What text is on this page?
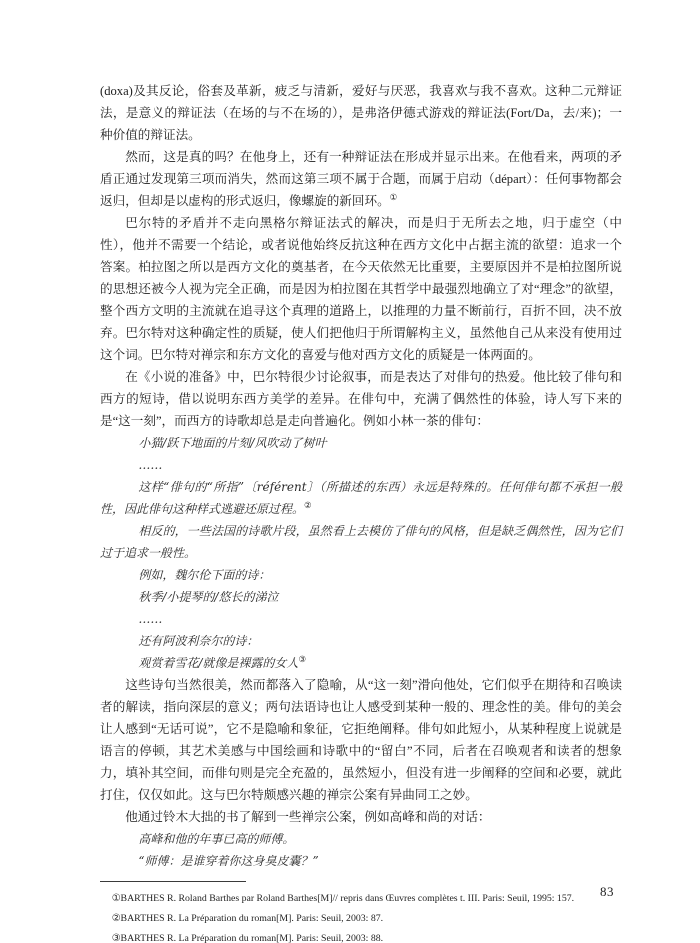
(doxa)及其反论，俗套及革新，疲乏与清新，爱好与厌恶，我喜欢与我不喜欢。这种二元辩证法，是意义的辩证法（在场的与不在场的），是弗洛伊德式游戏的辩证法(Fort/Da，去/来)；一种价值的辩证法。

然而，这是真的吗？在他身上，还有一种辩证法在形成并显示出来。在他看来，两项的矛盾正通过发现第三项而消失，然而这第三项不属于合题，而属于启动（départ）：任何事物都会返归，但却是以虚构的形式返归，像螺旋的新回环。①

巴尔特的矛盾并不走向黑格尔辩证法式的解决，而是归于无所去之地，归于虚空（中性），他并不需要一个结论，或者说他始终反抗这种在西方文化中占据主流的欲望：追求一个答案。柏拉图之所以是西方文化的奠基者，在今天依然无比重要，主要原因并不是柏拉图所说的思想还被今人视为完全正确，而是因为柏拉图在其哲学中最强烈地确立了对“理念”的欲望，整个西方文明的主流就在追寻这个真理的道路上，以推理的力量不断前行，百折不回，决不放弃。巴尔特对这种确定性的质疑，使人们把他归于所谓解构主义，虽然他自己从来没有使用过这个词。巴尔特对禅宗和东方文化的喜爱与他对西方文化的质疑是一体两面的。

在《小说的准备》中，巴尔特很少讨论叙事，而是表达了对俳句的热爱。他比较了俳句和西方的短诗，借以说明东西方美学的差异。在俳句中，充满了偶然性的体验，诗人写下来的是“这一刻”，而西方的诗歌却总是走向普遍化。例如小林一茶的俳句：

小猫/跃下地面的片刻/风吹动了树叶

……

这样“俳句的“所指”〔référent〕（所描述的东西）永远是特殊的。任何俳句都不承担一般性，因此俳句这种样式逃避还原过程。②

相反的，一些法国的诗歌片段，虽然看上去模仿了俳句的风格，但是缺乏偶然性，因为它们过于追求一般性。

例如，魏尔伦下面的诗：

秋季/小提琴的/悠长的涕泣

……

还有阿波利奈尔的诗：

观赏着雪花/就像是裸露的女人③

这些诗句当然很美，然而都落入了隐喻，从“这一刻”滑向他处，它们似乎在期待和召唤读者的解读，指向深层的意义；两句法语诗也让人感受到某种一般的、理念性的美。俳句的美会让人感到“无话可说”，它不是隐喻和象征，它拒绝阐释。俳句如此短小，从某种程度上说就是语言的停顿，其艺术美感与中国绘画和诗歌中的“留白”不同，后者在召唤观者和读者的想象力，填补其空间，而俳句则是完全充盈的，虽然短小，但没有进一步阐释的空间和必要，就此打住，仅仅如此。这与巴尔特颇感兴趣的禅宗公案有异曲同工之妙。

他通过铃木大拙的书了解到一些禅宗公案，例如高峰和尚的对话：

高峰和他的年事已高的师傅。

“师傅：是谁穿着你这身臭皮囊？”

①BARTHES R. Roland Barthes par Roland Barthes[M]// repris dans Œuvres complètes t. III. Paris: Seuil, 1995: 157.

②BARTHES R. La Préparation du roman[M]. Paris: Seuil, 2003: 87.

③BARTHES R. La Préparation du roman[M]. Paris: Seuil, 2003: 88.

83
